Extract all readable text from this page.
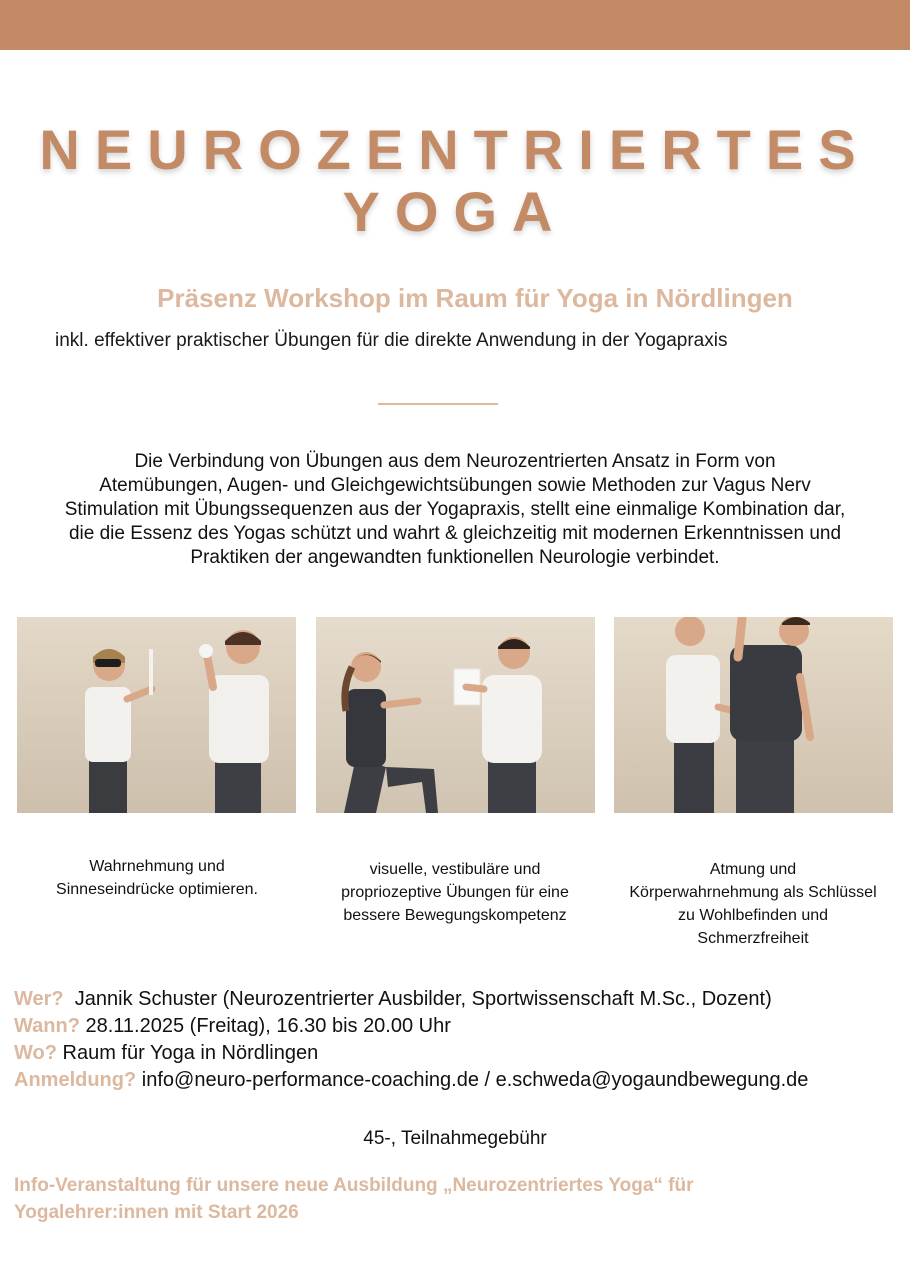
NEUROZENTRIERTES
YOGA
Präsenz Workshop im Raum für Yoga in Nördlingen
inkl. effektiver praktischer Übungen für die direkte Anwendung in der Yogapraxis
Die Verbindung von Übungen aus dem Neurozentrierten Ansatz in Form von
Atemübungen, Augen- und Gleichgewichtsübungen sowie Methoden zur Vagus Nerv
Stimulation mit Übungssequenzen aus der Yogapraxis, stellt eine einmalige Kombination dar,
die die Essenz des Yogas schützt und wahrt & gleichzeitig mit modernen Erkenntnissen und
Praktiken der angewandten funktionellen Neurologie verbindet.
Wahrnehmung und
Sinneseindrücke optimieren.
visuelle, vestibuläre und
propriozeptive Übungen für eine
bessere Bewegungskompetenz
Atmung und
Körperwahrnehmung als Schlüssel
zu Wohlbefinden und
Schmerzfreiheit
Wer? Jannik Schuster (Neurozentrierter Ausbilder, Sportwissenschaft M.Sc., Dozent)
Wann? 28.11.2025 (Freitag), 16.30 bis 20.00 Uhr
Wo? Raum für Yoga in Nördlingen
Anmeldung? info@neuro-performance-coaching.de / e.schweda@yogaundbewegung.de
45-, Teilnahmegebühr
Info-Veranstaltung für unsere neue Ausbildung „Neurozentriertes Yoga“ für
Yogalehrer:innen mit Start 2026
